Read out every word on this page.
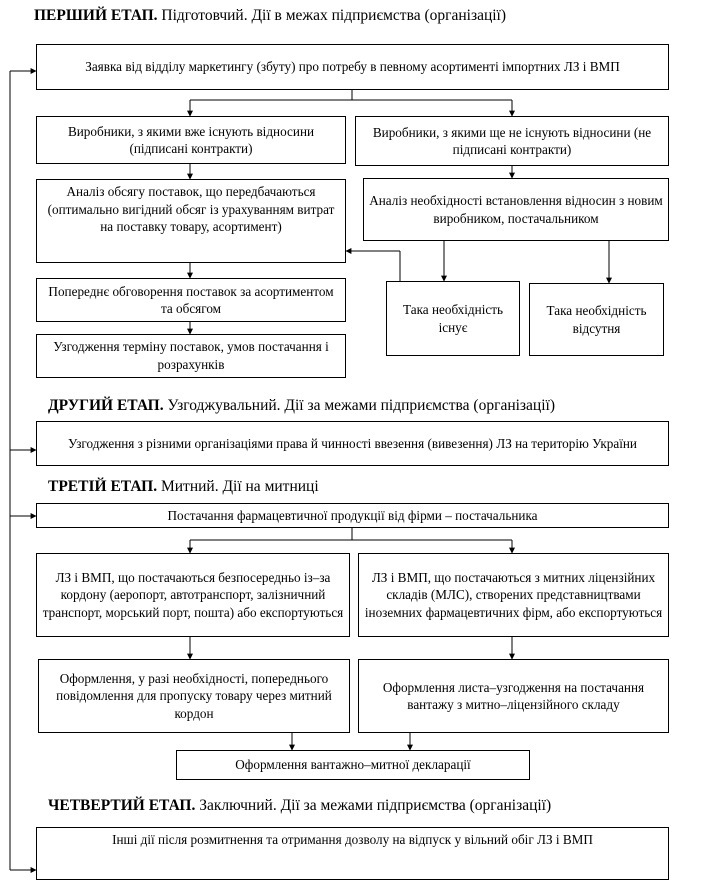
ПЕРШИЙ ЕТАП. Підготовчий. Дії в межах підприємства (організації)
Заявка від відділу маркетингу (збуту) про потребу в певному асортименті імпортних ЛЗ і ВМП
Виробники, з якими вже існують відносини (підписані контракти)
Виробники, з якими ще не існують відносини (не підписані контракти)
Аналіз обсягу поставок, що передбачаються (оптимально вигідний обсяг із урахуванням витрат на поставку товару, асортимент)
Аналіз необхідності встановлення відносин з новим виробником, постачальником
Попереднє обговорення поставок за асортиментом та обсягом	Така необхідність існує
Така необхідність відсутня
Узгодження терміну поставок, умов постачання і розрахунків
ДРУГИЙ ЕТАП. Узгоджувальний. Дії за межами підприємства (організації)
Узгодження з різними організаціями права й чинності ввезення (вивезення) ЛЗ на територію України
ТРЕТІЙ ЕТАП. Митний. Дії на митниці
Постачання фармацевтичної продукції від фірми – постачальника
ЛЗ і ВМП, що постачаються безпосередньо із–за кордону (аеропорт, автотранспорт, залізничний транспорт, морський порт, пошта) або експортуються
ЛЗ і ВМП, що постачаються з митних ліцензійних складів (МЛС), створених представництвами іноземних фармацевтичних фірм, або експортуються
Оформлення, у разі необхідності, попереднього повідомлення для пропуску товару через митний кордон
Оформлення листа–узгодження на постачання вантажу з митно–ліцензійного складу
Оформлення вантажно–митної декларації
ЧЕТВЕРТИЙ ЕТАП. Заключний. Дії за межами підприємства (організації)
Інші дії після розмитнення та отримання дозволу на відпуск у вільний обіг ЛЗ і ВМП
